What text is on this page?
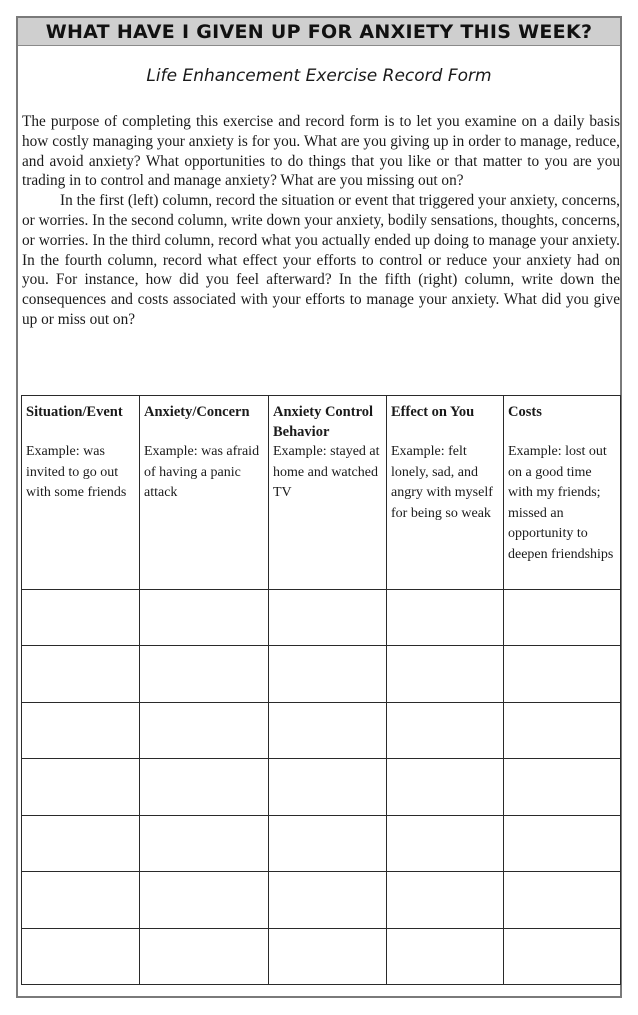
WHAT HAVE I GIVEN UP FOR ANXIETY THIS WEEK?
Life Enhancement Exercise Record Form

The purpose of completing this exercise and record form is to let you examine on a daily basis how costly managing your anxiety is for you. What are you giving up in order to manage, reduce, and avoid anxiety? What opportunities to do things that you like or that matter to you are you trading in to control and manage anxiety? What are you missing out on?

In the first (left) column, record the situation or event that triggered your anxiety, concerns, or worries. In the second column, write down your anxiety, bodily sensations, thoughts, concerns, or worries. In the third column, record what you actually ended up doing to manage your anxiety. In the fourth column, record what effect your efforts to control or reduce your anxiety had on you. For instance, how did you feel afterward? In the fifth (right) column, write down the consequences and costs associated with your efforts to manage your anxiety. What did you give up or miss out on?

Situation/Event	Anxiety/Concern	Anxiety Control Behavior	Effect on You	Costs
Example: was invited to go out with some friends	Example: was afraid of having a panic attack	Example: stayed at home and watched TV	Example: felt lonely, sad, and angry with myself for being so weak	Example: lost out on a good time with my friends; missed an opportunity to deepen friendships
